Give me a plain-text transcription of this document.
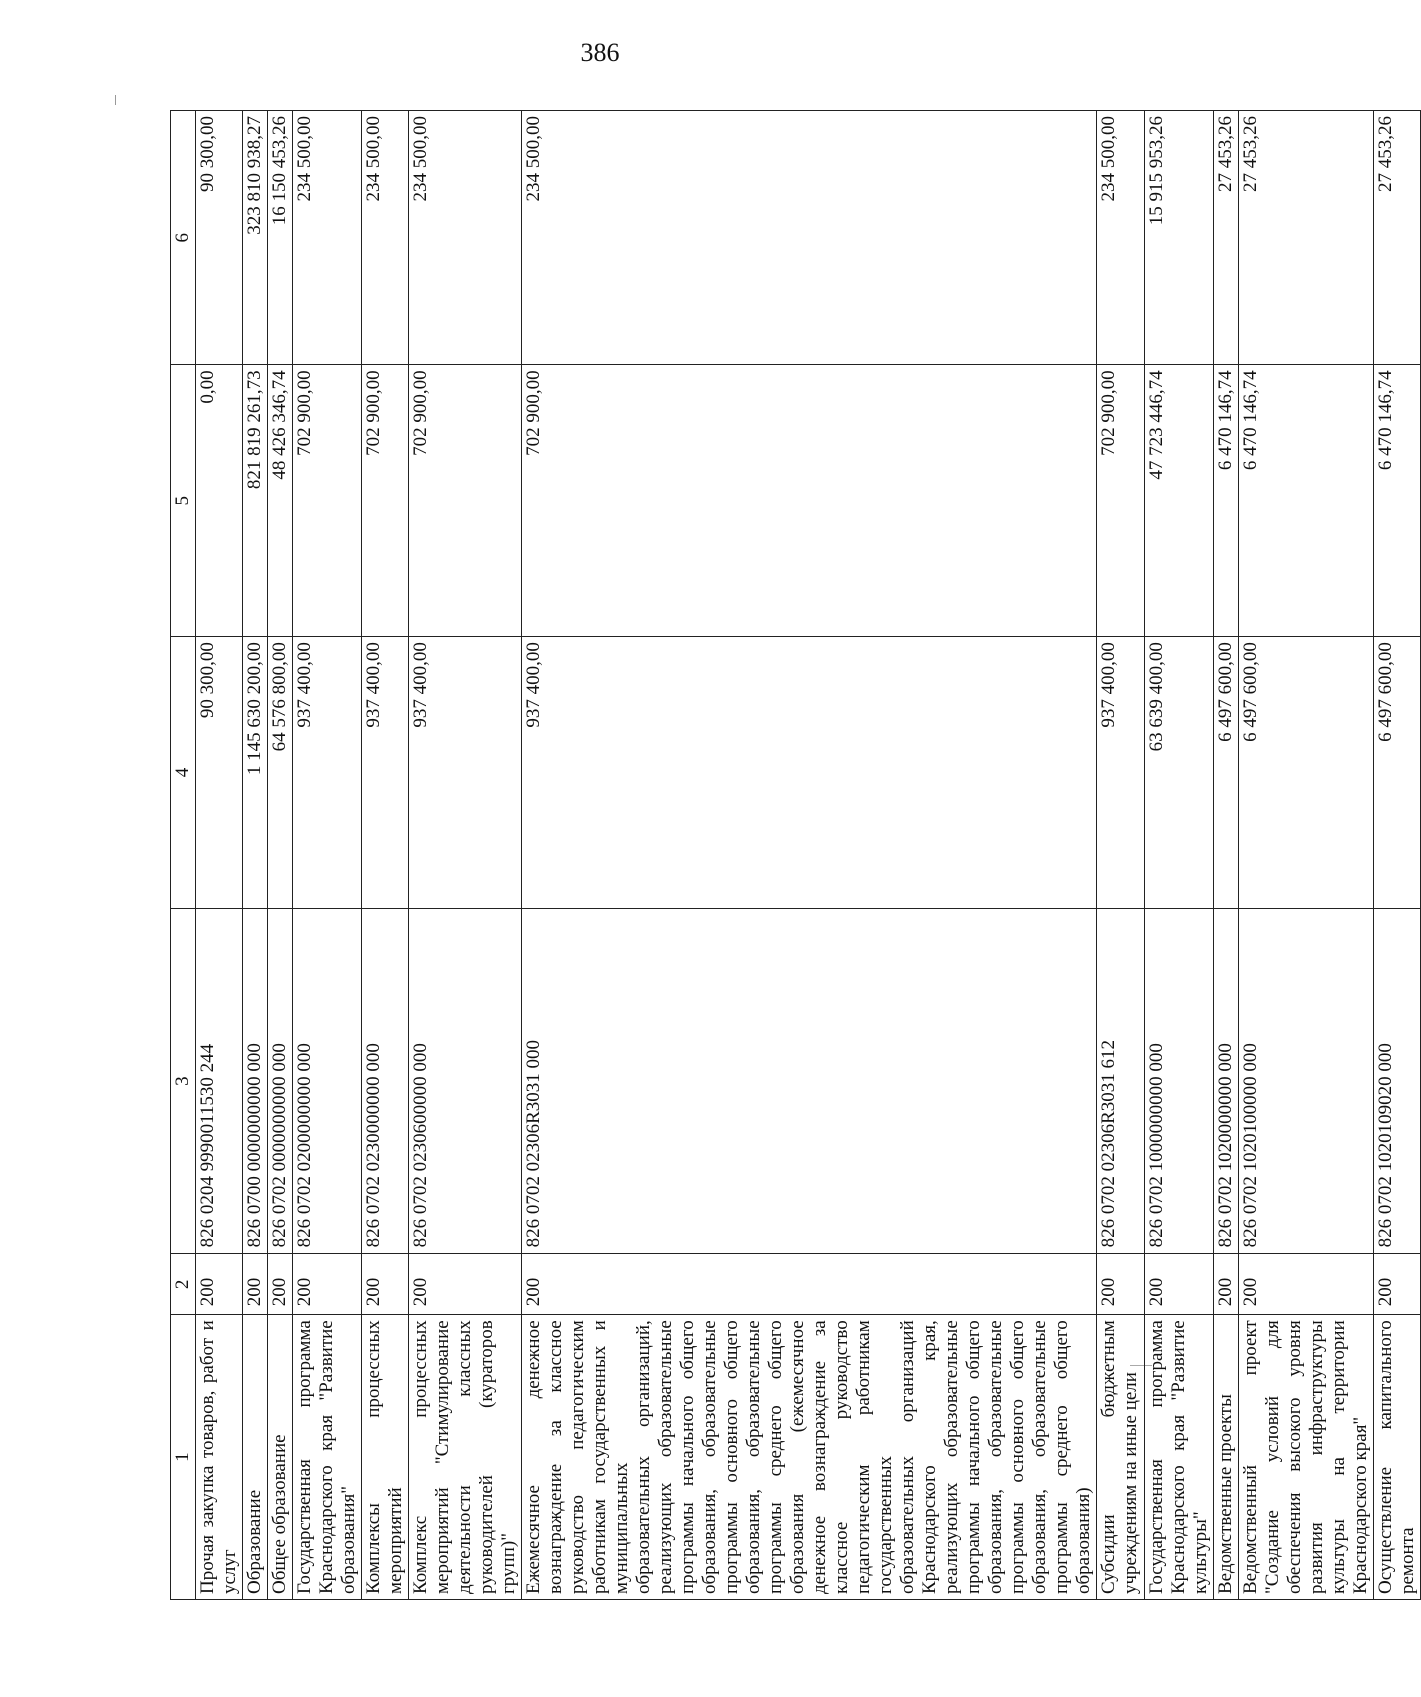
386
1	2	3	4	5	6
Прочая закупка товаров, работ и услуг	200	826 0204 9990011530 244	90 300,00	0,00	90 300,00
Образование	200	826 0700 0000000000 000	1 145 630 200,00	821 819 261,73	323 810 938,27
Общее образование	200	826 0702 0000000000 000	64 576 800,00	48 426 346,74	16 150 453,26
Государственная программа Краснодарского края "Развитие образования"	200	826 0702 0200000000 000	937 400,00	702 900,00	234 500,00
Комплексы процессных мероприятий	200	826 0702 0230000000 000	937 400,00	702 900,00	234 500,00
Комплекс процессных мероприятий "Стимулирование деятельности классных руководителей (кураторов групп)"	200	826 0702 0230600000 000	937 400,00	702 900,00	234 500,00
Ежемесячное денежное вознаграждение за классное руководство педагогическим работникам государственных и муниципальных образовательных организаций, реализующих образовательные программы начального общего образования, образовательные программы основного общего образования, образовательные программы среднего общего образования (ежемесячное денежное вознаграждение за классное руководство педагогическим работникам государственных образовательных организаций Краснодарского края, реализующих образовательные программы начального общего образования, образовательные программы основного общего образования, образовательные программы среднего общего образования)	200	826 0702 02306R3031 000	937 400,00	702 900,00	234 500,00
Субсидии бюджетным учреждениям на иные цели	200	826 0702 02306R3031 612	937 400,00	702 900,00	234 500,00
Государственная программа Краснодарского края "Развитие культуры"	200	826 0702 1000000000 000	63 639 400,00	47 723 446,74	15 915 953,26
Ведомственные проекты	200	826 0702 1020000000 000	6 497 600,00	6 470 146,74	27 453,26
Ведомственный проект "Создание условий для обеспечения высокого уровня развития инфраструктуры культуры на территории Краснодарского края"	200	826 0702 1020100000 000	6 497 600,00	6 470 146,74	27 453,26
Осуществление капитального ремонта	200	826 0702 1020109020 000	6 497 600,00	6 470 146,74	27 453,26
